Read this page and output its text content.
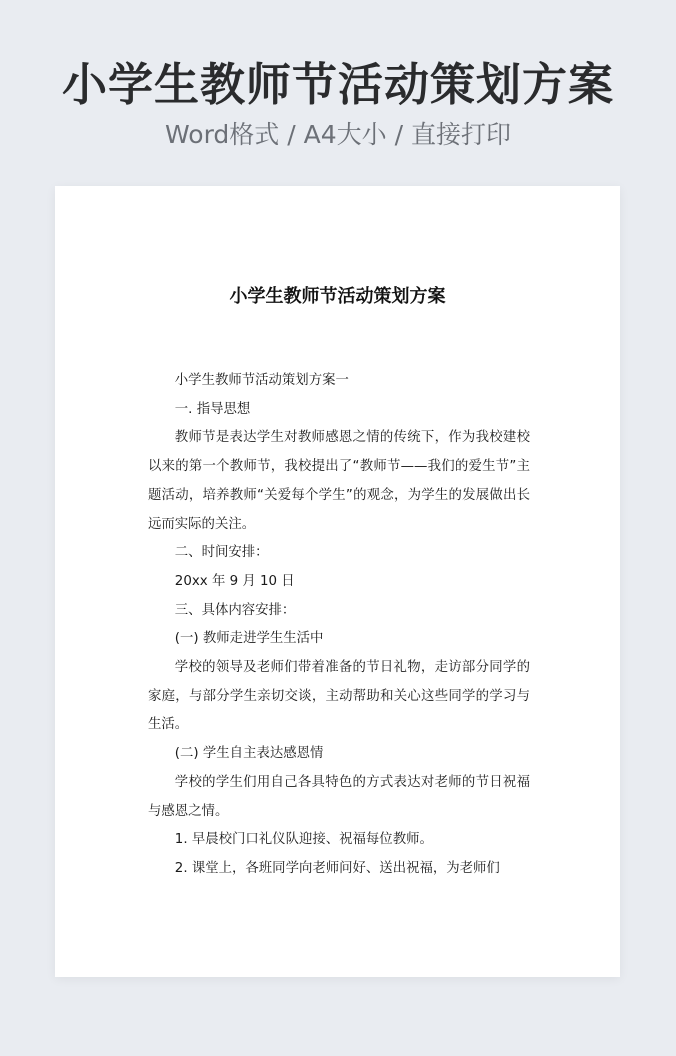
小学生教师节活动策划方案
Word格式 / A4大小 / 直接打印
小学生教师节活动策划方案

小学生教师节活动策划方案一

一. 指导思想

教师节是表达学生对教师感恩之情的传统下，作为我校建校以来的第一个教师节，我校提出了“教师节——我们的爱生节”主题活动，培养教师“关爱每个学生”的观念，为学生的发展做出长远而实际的关注。

二、时间安排：

20xx 年 9 月 10 日

三、具体内容安排：

(一) 教师走进学生生活中

学校的领导及老师们带着准备的节日礼物，走访部分同学的家庭，与部分学生亲切交谈，主动帮助和关心这些同学的学习与生活。

(二) 学生自主表达感恩情

学校的学生们用自己各具特色的方式表达对老师的节日祝福与感恩之情。

1. 早晨校门口礼仪队迎接、祝福每位教师。

2. 课堂上，各班同学向老师问好、送出祝福，为老师们
